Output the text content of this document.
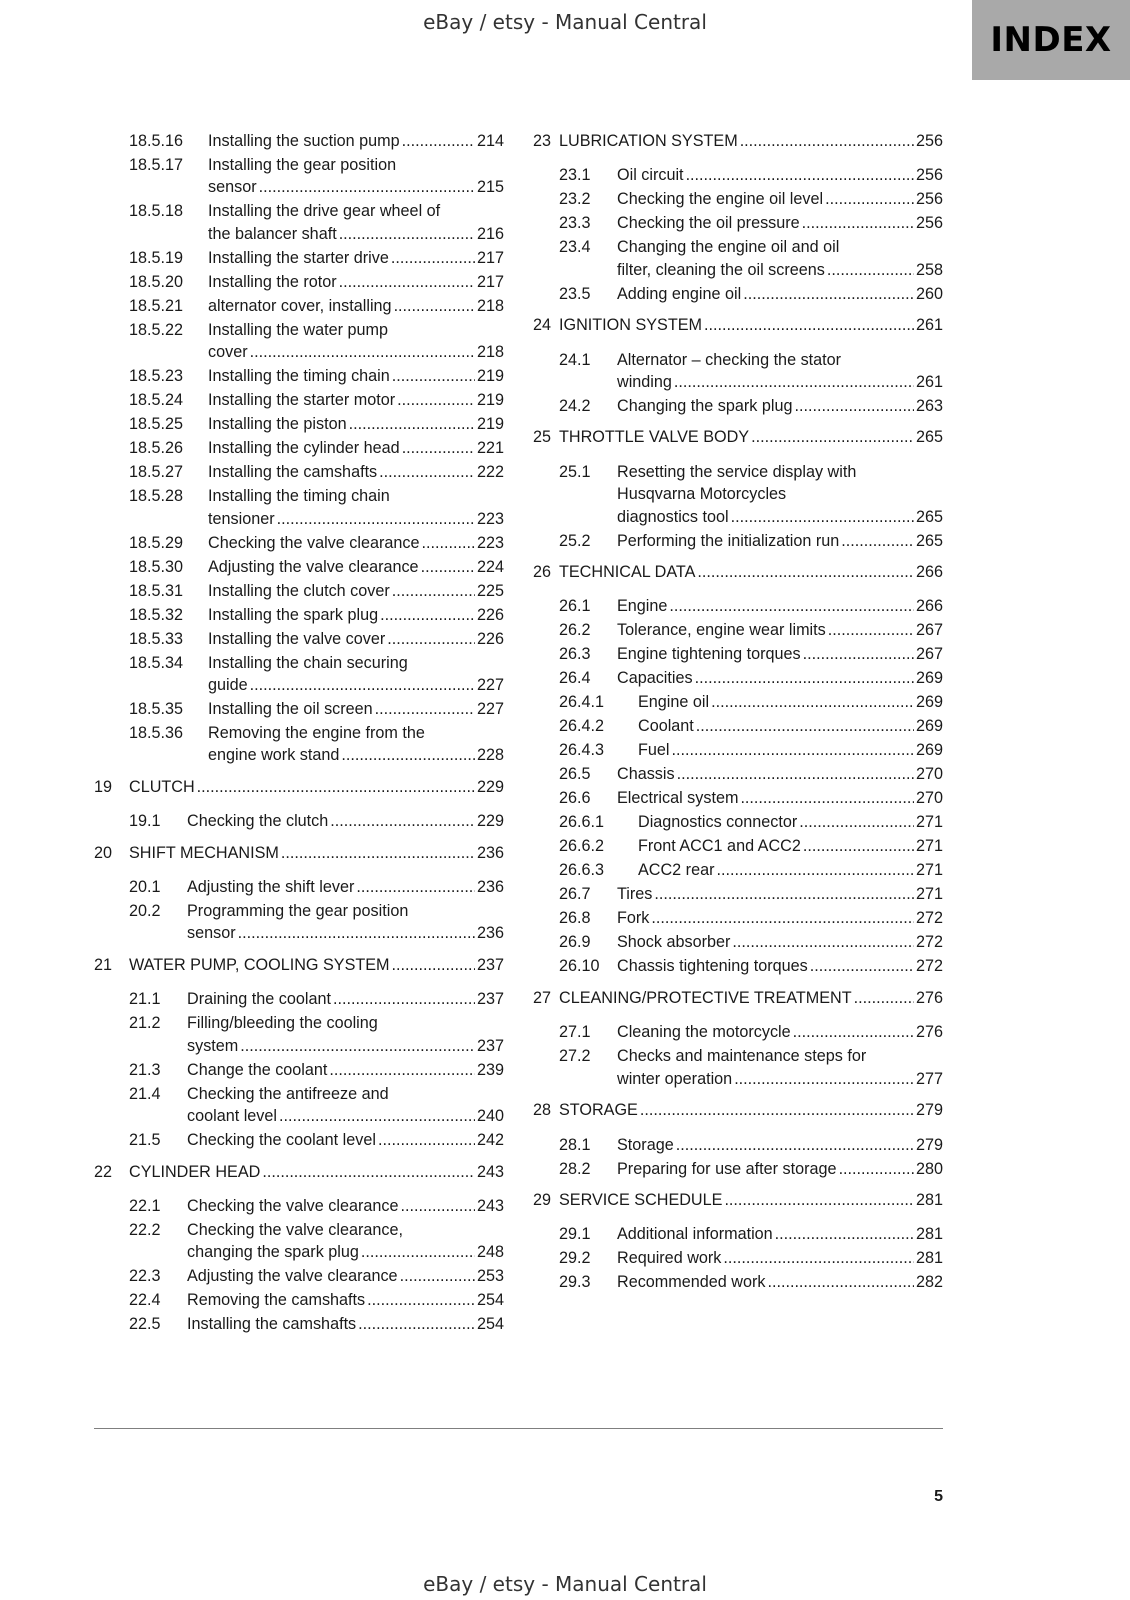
eBay / etsy - Manual Central	INDEX
18.5.16 Installing the suction pump .....	214
18.5.17 Installing the gear position
sensor .....	215
18.5.18 Installing the drive gear wheel of
the balancer shaft .....	216
18.5.19 Installing the starter drive .....	217
18.5.20 Installing the rotor .....	217
18.5.21 alternator cover, installing .....	218
18.5.22 Installing the water pump
cover .....	218
18.5.23 Installing the timing chain .....	219
18.5.24 Installing the starter motor .....	219
18.5.25 Installing the piston .....	219
18.5.26 Installing the cylinder head .....	221
18.5.27 Installing the camshafts .....	222
18.5.28 Installing the timing chain
tensioner .....	223
18.5.29 Checking the valve clearance .....	223
18.5.30 Adjusting the valve clearance .....	224
18.5.31 Installing the clutch cover .....	225
18.5.32 Installing the spark plug .....	226
18.5.33 Installing the valve cover .....	226
18.5.34 Installing the chain securing
guide .....	227
18.5.35 Installing the oil screen .....	227
18.5.36 Removing the engine from the
engine work stand .....	228
19 CLUTCH .....	229
19.1 Checking the clutch .....	229
20 SHIFT MECHANISM .....	236
20.1 Adjusting the shift lever .....	236
20.2 Programming the gear position
sensor .....	236
21 WATER PUMP, COOLING SYSTEM .....	237
21.1 Draining the coolant .....	237
21.2 Filling/bleeding the cooling
system .....	237
21.3 Change the coolant .....	239
21.4 Checking the antifreeze and
coolant level .....	240
21.5 Checking the coolant level .....	242
22 CYLINDER HEAD .....	243
22.1 Checking the valve clearance .....	243
22.2 Checking the valve clearance,
changing the spark plug .....	248
22.3 Adjusting the valve clearance .....	253
22.4 Removing the camshafts .....	254
22.5 Installing the camshafts .....	254
23 LUBRICATION SYSTEM .....	256
23.1 Oil circuit .....	256
23.2 Checking the engine oil level .....	256
23.3 Checking the oil pressure .....	256
23.4 Changing the engine oil and oil
filter, cleaning the oil screens .....	258
23.5 Adding engine oil .....	260
24 IGNITION SYSTEM .....	261
24.1 Alternator – checking the stator
winding .....	261
24.2 Changing the spark plug .....	263
25 THROTTLE VALVE BODY .....	265
25.1 Resetting the service display with
Husqvarna Motorcycles
diagnostics tool .....	265
25.2 Performing the initialization run .....	265
26 TECHNICAL DATA .....	266
26.1 Engine .....	266
26.2 Tolerance, engine wear limits .....	267
26.3 Engine tightening torques .....	267
26.4 Capacities .....	269
26.4.1 Engine oil .....	269
26.4.2 Coolant .....	269
26.4.3 Fuel .....	269
26.5 Chassis .....	270
26.6 Electrical system .....	270
26.6.1 Diagnostics connector .....	271
26.6.2 Front ACC1 and ACC2 .....	271
26.6.3 ACC2 rear .....	271
26.7 Tires .....	271
26.8 Fork .....	272
26.9 Shock absorber .....	272
26.10 Chassis tightening torques .....	272
27 CLEANING/PROTECTIVE TREATMENT .....	276
27.1 Cleaning the motorcycle .....	276
27.2 Checks and maintenance steps for
winter operation .....	277
28 STORAGE .....	279
28.1 Storage .....	279
28.2 Preparing for use after storage .....	280
29 SERVICE SCHEDULE .....	281
29.1 Additional information .....	281
29.2 Required work .....	281
29.3 Recommended work .....	282
5
eBay / etsy - Manual Central
